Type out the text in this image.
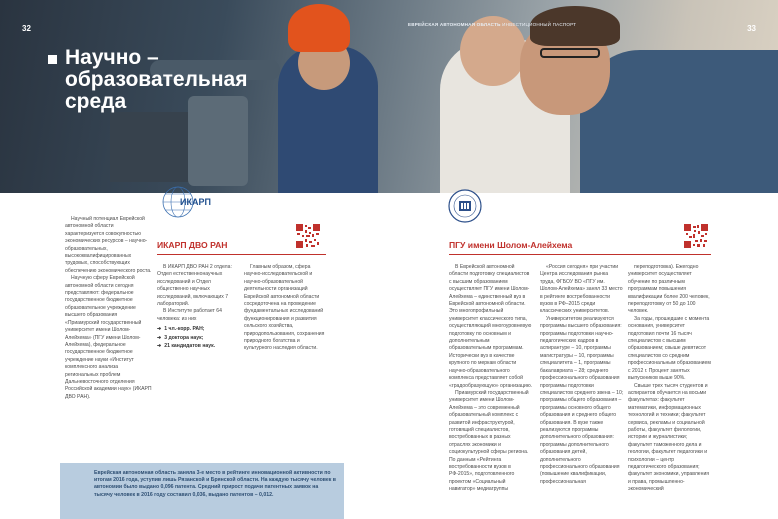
32	33
ЕВРЕЙСКАЯ АВТОНОМНАЯ ОБЛАСТЬ ИНВЕСТИЦИОННЫЙ ПАСПОРТ
Научно –
образовательная
среда

Научный потенциал Еврейской автономной области характеризуется совокупностью экономических ресурсов – научно-образовательных, высококвалифицированных трудовых, способствующих обеспечению экономического роста.

Научную сферу Еврейской автономной области сегодня представляют: федеральное государственное бюджетное образовательное учреждение высшего образования «Приамурский государственный университет имени Шолом-Алейхема» (ПГУ имени Шолом-Алейхема), федеральное государственное бюджетное учреждение науки «Институт комплексного анализа региональных проблем Дальневосточного отделения Российской академии наук» (ИКАРП ДВО РАН).

ИКАРП
ИКАРП ДВО РАН	ПГУ имени Шолом-Алейхема

В ИКАРП ДВО РАН 2 отдела: Отдел естественнонаучных исследований и Отдел общественно научных исследований, включающих 7 лабораторий.

В Институте работает 64 человека: из них

➔ 1 чл.-корр. РАН;
➔ 3 доктора наук;
➔ 21 кандидатов наук.

Главным образом, сфера научно-исследовательской и научно-образовательной деятельности организаций Еврейской автономной области сосредоточена на проведение фундаментальных исследований функционирования и развития сельского хозяйства, природопользования, сохранения природного богатства и культурного наследия области.

В Еврейской автономной области подготовку специалистов с высшим образованием осуществляет ПГУ имени Шолом-Алейхема – единственный вуз в Еврейской автономной области. Это многопрофильный университет классического типа, осуществляющий многоуровневую подготовку по основным и дополнительным образовательным программам. Исторически вуз в качестве крупного по меркам области научно-образовательного комплекса представляет собой «градообразующую» организацию.

Приамурский государственный университет имени Шолом-Алейхема – это современный образовательный комплекс с развитой инфраструктурой, готовящий специалистов, востребованных в разных отраслях экономики и социокультурной сферы региона. По данным «Рейтинга востребованности вузов в РФ-2015», подготовленного проектом «Социальный навигатор» медиагруппы

«Россия сегодня» при участии Центра исследования рынка труда, ФГБОУ ВО «ПГУ им. Шолом-Алейхема» занял 33 место в рейтинге востребованности вузов в РФ–2015 среди классических университетов.

Университетом реализуются программы высшего образования: программы подготовки научно-педагогических кадров в аспирантуре – 10, программы магистратуры – 10, программы специалитета – 1, программы бакалавриата – 28; среднего профессионального образования программы подготовки специалистов среднего звена – 10; программы общего образования – программы основного общего образования и среднего общего образования. В вузе также реализуются программы дополнительного образования: программы дополнительного образования детей, дополнительного профессионального образования (повышение квалификации, профессиональная

переподготовка). Ежегодно университет осуществляет обучение по различным программам повышения квалификации более 200 человек, переподготовку от 50 до 100 человек.

За годы, прошедшие с момента основания, университет подготовил почти 16 тысяч специалистов с высшим образованием; свыше девятисот специалистов со средним профессиональным образованием с 2012 г. Процент занятых выпускников выше 90%.

Свыше трех тысяч студентов и аспирантов обучается на восьми факультетах: факультет математики, информационных технологий и техники; факультет сервиса, рекламы и социальной работы, факультет филологии, истории и журналистики; факультет таможенного дела и геологии, факультет педагогики и психологии – центр педагогического образования; факультет экономики, управления и права, промышленно-экономический

Еврейская автономная область заняла 3-е место в рейтинге инновационной активности по итогам 2016 года, уступив лишь Рязанской и Брянской области. На каждую тысячу человек в автономии было выдано 0,096 патента. Средний прирост подачи патентных заявок на тысячу человек в 2016 году составил 0,036, выдано патентов – 0,012.
